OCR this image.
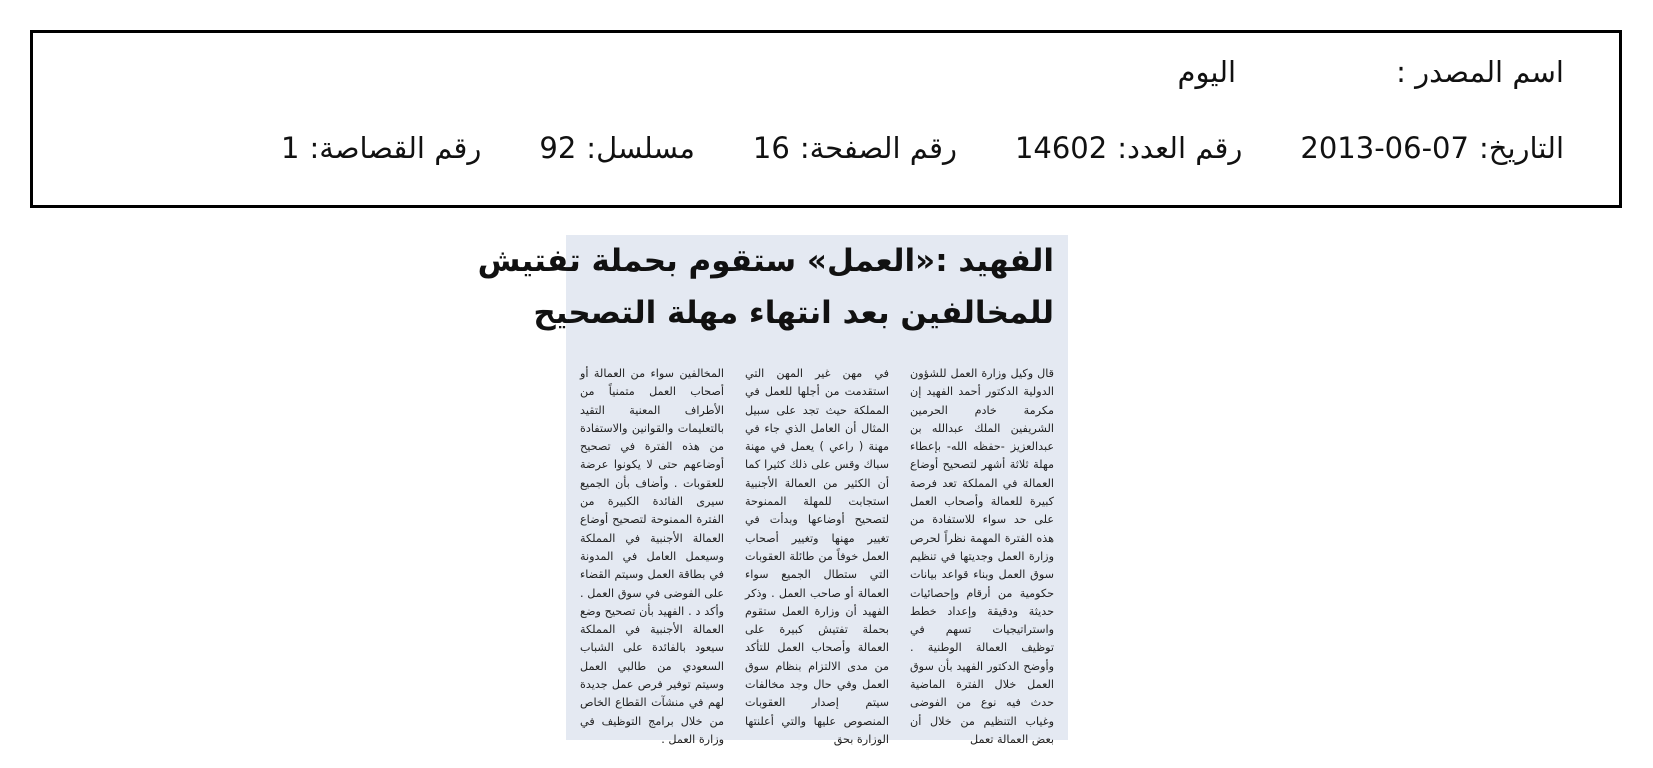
اسم المصدر :
اليوم
التاريخ:
2013-06-07
رقم العدد:
14602
رقم الصفحة:
16
مسلسل:
92
رقم القصاصة:
1
الفهيد :«العمل» ستقوم بحملة تفتيش
للمخالفين بعد انتهاء مهلة التصحيح
قال وكيل وزارة العمل للشؤون الدولية الدكتور أحمد الفهيد إن مكرمة خادم الحرمين الشريفين الملك عبدالله بن عبدالعزيز -حفظه الله- بإعطاء مهلة ثلاثة أشهر لتصحيح أوضاع العمالة في المملكة تعد فرصة كبيرة للعمالة وأصحاب العمل على حد سواء للاستفادة من هذه الفترة المهمة نظراً لحرص وزارة العمل وجديتها في تنظيم سوق العمل وبناء قواعد بيانات حكومية من أرقام وإحصائيات حديثة ودقيقة وإعداد خطط واستراتيجيات تسهم في توظيف العمالة الوطنية . وأوضح الدكتور الفهيد بأن سوق العمل خلال الفترة الماضية حدث فيه نوع من الفوضى وغياب التنظيم من خلال أن بعض العمالة تعمل
في مهن غير المهن التي استقدمت من أجلها للعمل في المملكة حيث تجد على سبيل المثال أن العامل الذي جاء في مهنة ( راعي ) يعمل في مهنة سباك وقس على ذلك كثيرا كما أن الكثير من العمالة الأجنبية استجابت للمهلة الممنوحة لتصحيح أوضاعها وبدأت في تغيير مهنها وتغيير أصحاب العمل خوفاً من طائلة العقوبات التي ستطال الجميع سواء العمالة أو صاحب العمل . وذكر الفهيد أن وزارة العمل ستقوم بحملة تفتيش كبيرة على العمالة وأصحاب العمل للتأكد من مدى الالتزام بنظام سوق العمل وفي حال وجد مخالفات سيتم إصدار العقوبات المنصوص عليها والتي أعلنتها الوزارة بحق
المخالفين سواء من العمالة أو أصحاب العمل متمنياً من الأطراف المعنية التقيد بالتعليمات والقوانين والاستفادة من هذه الفترة في تصحيح أوضاعهم حتى لا يكونوا عرضة للعقوبات . وأضاف بأن الجميع سيرى الفائدة الكبيرة من الفترة الممنوحة لتصحيح أوضاع العمالة الأجنبية في المملكة وسيعمل العامل في المدونة في بطاقة العمل وسيتم القضاء على الفوضى في سوق العمل . وأكد د . الفهيد بأن تصحيح وضع العمالة الأجنبية في المملكة سيعود بالفائدة على الشباب السعودي من طالبي العمل وسيتم توفير فرص عمل جديدة لهم في منشآت القطاع الخاص من خلال برامج التوظيف في وزارة العمل .
